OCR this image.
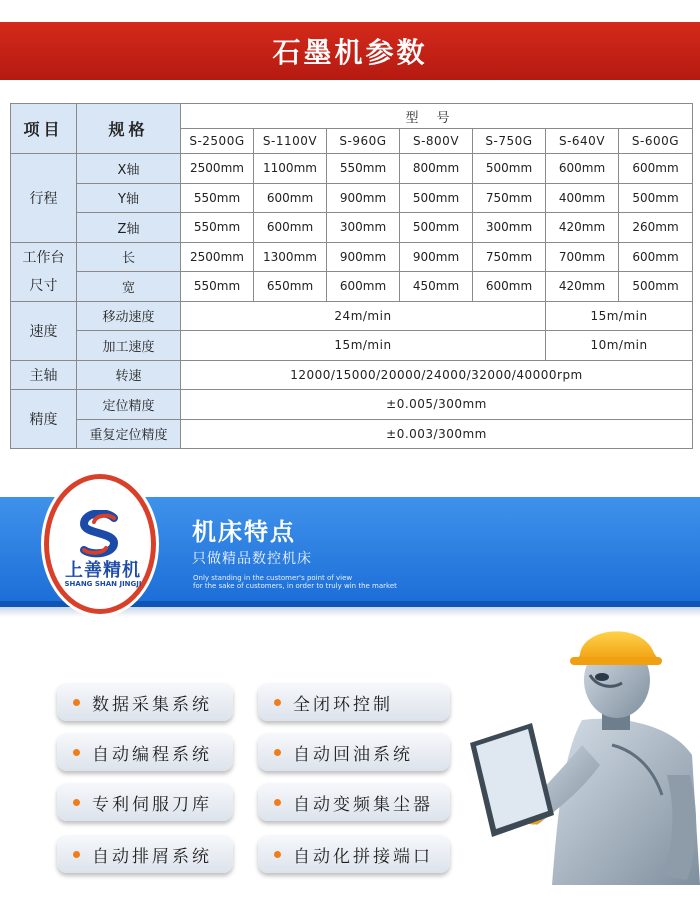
石墨机参数
项目	规格	型号						
		S-2500G	S-1100V	S-960G	S-800V	S-750G	S-640V	S-600G
行程	X轴	2500mm	1100mm	550mm	800mm	500mm	600mm	600mm
	Y轴	550mm	600mm	900mm	500mm	750mm	400mm	500mm
	Z轴	550mm	600mm	300mm	500mm	300mm	420mm	260mm

工作台
尺寸	长	2500mm	1300mm	900mm	900mm	750mm	700mm	600mm
	宽	550mm	650mm	600mm	450mm	600mm	420mm	500mm
速度	移动速度	24m/min					15m/min	
	加工速度	15m/min					10m/min	
主轴	转速	12000/15000/20000/24000/32000/40000rpm						
精度	定位精度	±0.005/300mm						
	重复定位精度	±0.003/300mm						
上善精机
SHANG SHAN JINGJI
机床特点
只做精品数控机床
Only standing in the customer's point of view
for the sake of customers, in order to truly win the market
数据采集系统	全闭环控制
自动编程系统	自动回油系统
专利伺服刀库	自动变频集尘器
自动排屑系统	自动化拼接端口
